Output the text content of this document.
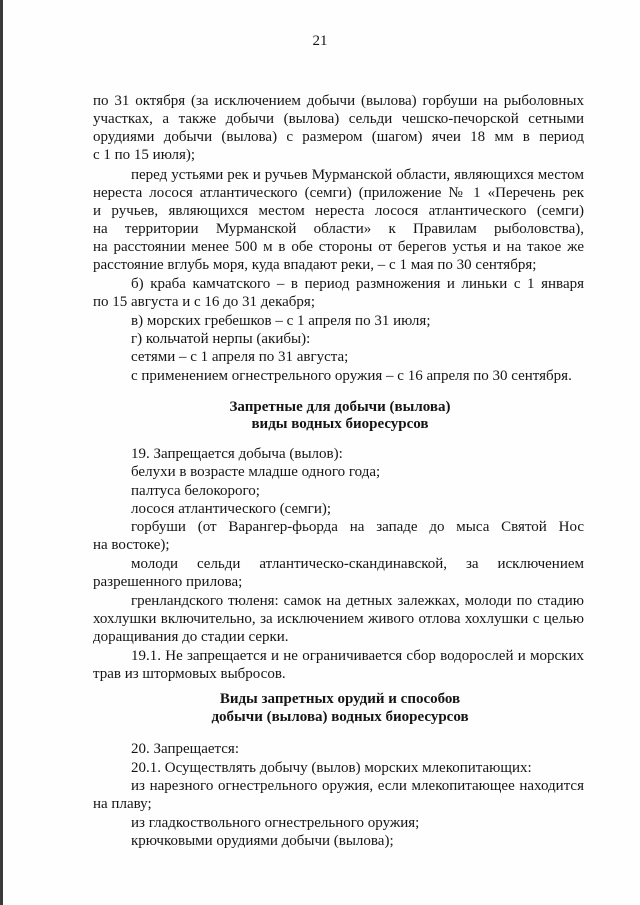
21

по 31 октября (за исключением добычи (вылова) горбуши на рыболовных

участках, а также добычи (вылова) сельди чешско-печорской сетными

орудиями добычи (вылова) с размером (шагом) ячеи 18 мм в период

с 1 по 15 июля);

перед устьями рек и ручьев Мурманской области, являющихся местом

нереста лосося атлантического (семги) (приложение № 1 «Перечень рек

и ручьев, являющихся местом нереста лосося атлантического (семги)

на территории Мурманской области» к Правилам рыболовства),

на расстоянии менее 500 м в обе стороны от берегов устья и на такое же

расстояние вглубь моря, куда впадают реки, – с 1 мая по 30 сентября;

б) краба камчатского – в период размножения и линьки с 1 января

по 15 августа и с 16 до 31 декабря;

в) морских гребешков – с 1 апреля по 31 июля;

г) кольчатой нерпы (акибы):

сетями – с 1 апреля по 31 августа;

с применением огнестрельного оружия – с 16 апреля по 30 сентября.

Запретные для добычи (вылова)

виды водных биоресурсов

19. Запрещается добыча (вылов):

белухи в возрасте младше одного года;

палтуса белокорого;

лосося атлантического (семги);

горбуши (от Варангер-фьорда на западе до мыса Святой Нос

на востоке);

молоди сельди атлантическо-скандинавской, за исключением

разрешенного прилова;

гренландского тюленя: самок на детных залежках, молоди по стадию

хохлушки включительно, за исключением живого отлова хохлушки с целью

доращивания до стадии серки.

19.1. Не запрещается и не ограничивается сбор водорослей и морских

трав из штормовых выбросов.

Виды запретных орудий и способов

добычи (вылова) водных биоресурсов

20. Запрещается:

20.1. Осуществлять добычу (вылов) морских млекопитающих:

из нарезного огнестрельного оружия, если млекопитающее находится

на плаву;

из гладкоствольного огнестрельного оружия;

крючковыми орудиями добычи (вылова);
